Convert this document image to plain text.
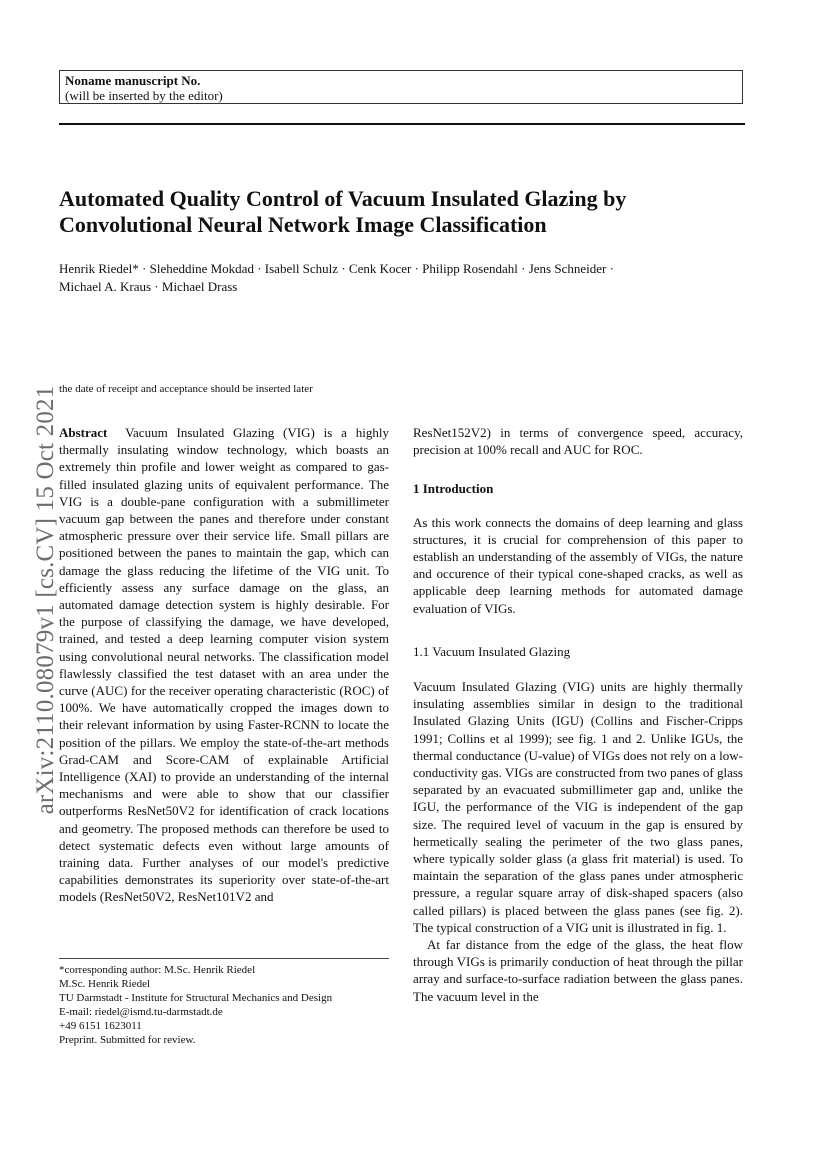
Noname manuscript No.
(will be inserted by the editor)
Automated Quality Control of Vacuum Insulated Glazing by
Convolutional Neural Network Image Classification
Henrik Riedel* · Sleheddine Mokdad · Isabell Schulz · Cenk Kocer · Philipp Rosendahl · Jens Schneider · Michael A. Kraus · Michael Drass
arXiv:2110.08079v1 [cs.CV] 15 Oct 2021 the date of receipt and acceptance should be inserted later

Abstract Vacuum Insulated Glazing (VIG) is a highly thermally insulating window technology, which boasts an extremely thin profile and lower weight as compared to gas-filled insulated glazing units of equivalent performance. The VIG is a double-pane configuration with a submillimeter vacuum gap between the panes and therefore under constant atmospheric pressure over their service life. Small pillars are positioned between the panes to maintain the gap, which can damage the glass reducing the lifetime of the VIG unit. To efficiently assess any surface damage on the glass, an automated damage detection system is highly desirable. For the purpose of classifying the damage, we have developed, trained, and tested a deep learning computer vision system using convolutional neural networks. The classification model flawlessly classified the test dataset with an area under the curve (AUC) for the receiver operating characteristic (ROC) of 100%. We have automatically cropped the images down to their relevant information by using Faster-RCNN to locate the position of the pillars. We employ the state-of-the-art methods Grad-CAM and Score-CAM of explainable Artificial Intelligence (XAI) to provide an understanding of the internal mechanisms and were able to show that our classifier outperforms ResNet50V2 for identification of crack locations and geometry. The proposed methods can therefore be used to detect systematic defects even without large amounts of training data. Further analyses of our model's predictive capabilities demonstrates its superiority over state-of-the-art models (ResNet50V2, ResNet101V2 and

ResNet152V2) in terms of convergence speed, accuracy, precision at 100% recall and AUC for ROC.

1 Introduction

As this work connects the domains of deep learning and glass structures, it is crucial for comprehension of this paper to establish an understanding of the assembly of VIGs, the nature and occurence of their typical cone-shaped cracks, as well as applicable deep learning methods for automated damage evaluation of VIGs.

1.1 Vacuum Insulated Glazing

Vacuum Insulated Glazing (VIG) units are highly thermally insulating assemblies similar in design to the traditional Insulated Glazing Units (IGU) (Collins and Fischer-Cripps 1991; Collins et al 1999); see fig. 1 and 2. Unlike IGUs, the thermal conductance (U-value) of VIGs does not rely on a low-conductivity gas. VIGs are constructed from two panes of glass separated by an evacuated submillimeter gap and, unlike the IGU, the performance of the VIG is independent of the gap size. The required level of vacuum in the gap is ensured by hermetically sealing the perimeter of the two glass panes, where typically solder glass (a glass frit material) is used. To maintain the separation of the glass panes under atmospheric pressure, a regular square array of disk-shaped spacers (also called pillars) is placed between the glass panes (see fig. 2). The typical construction of a VIG unit is illustrated in fig. 1.

At far distance from the edge of the glass, the heat flow through VIGs is primarily conduction of heat through the pillar array and surface-to-surface radiation between the glass panes. The vacuum level in the

*corresponding author: M.Sc. Henrik Riedel
M.Sc. Henrik Riedel
TU Darmstadt - Institute for Structural Mechanics and Design
E-mail: riedel@ismd.tu-darmstadt.de
+49 6151 1623011
Preprint. Submitted for review.
